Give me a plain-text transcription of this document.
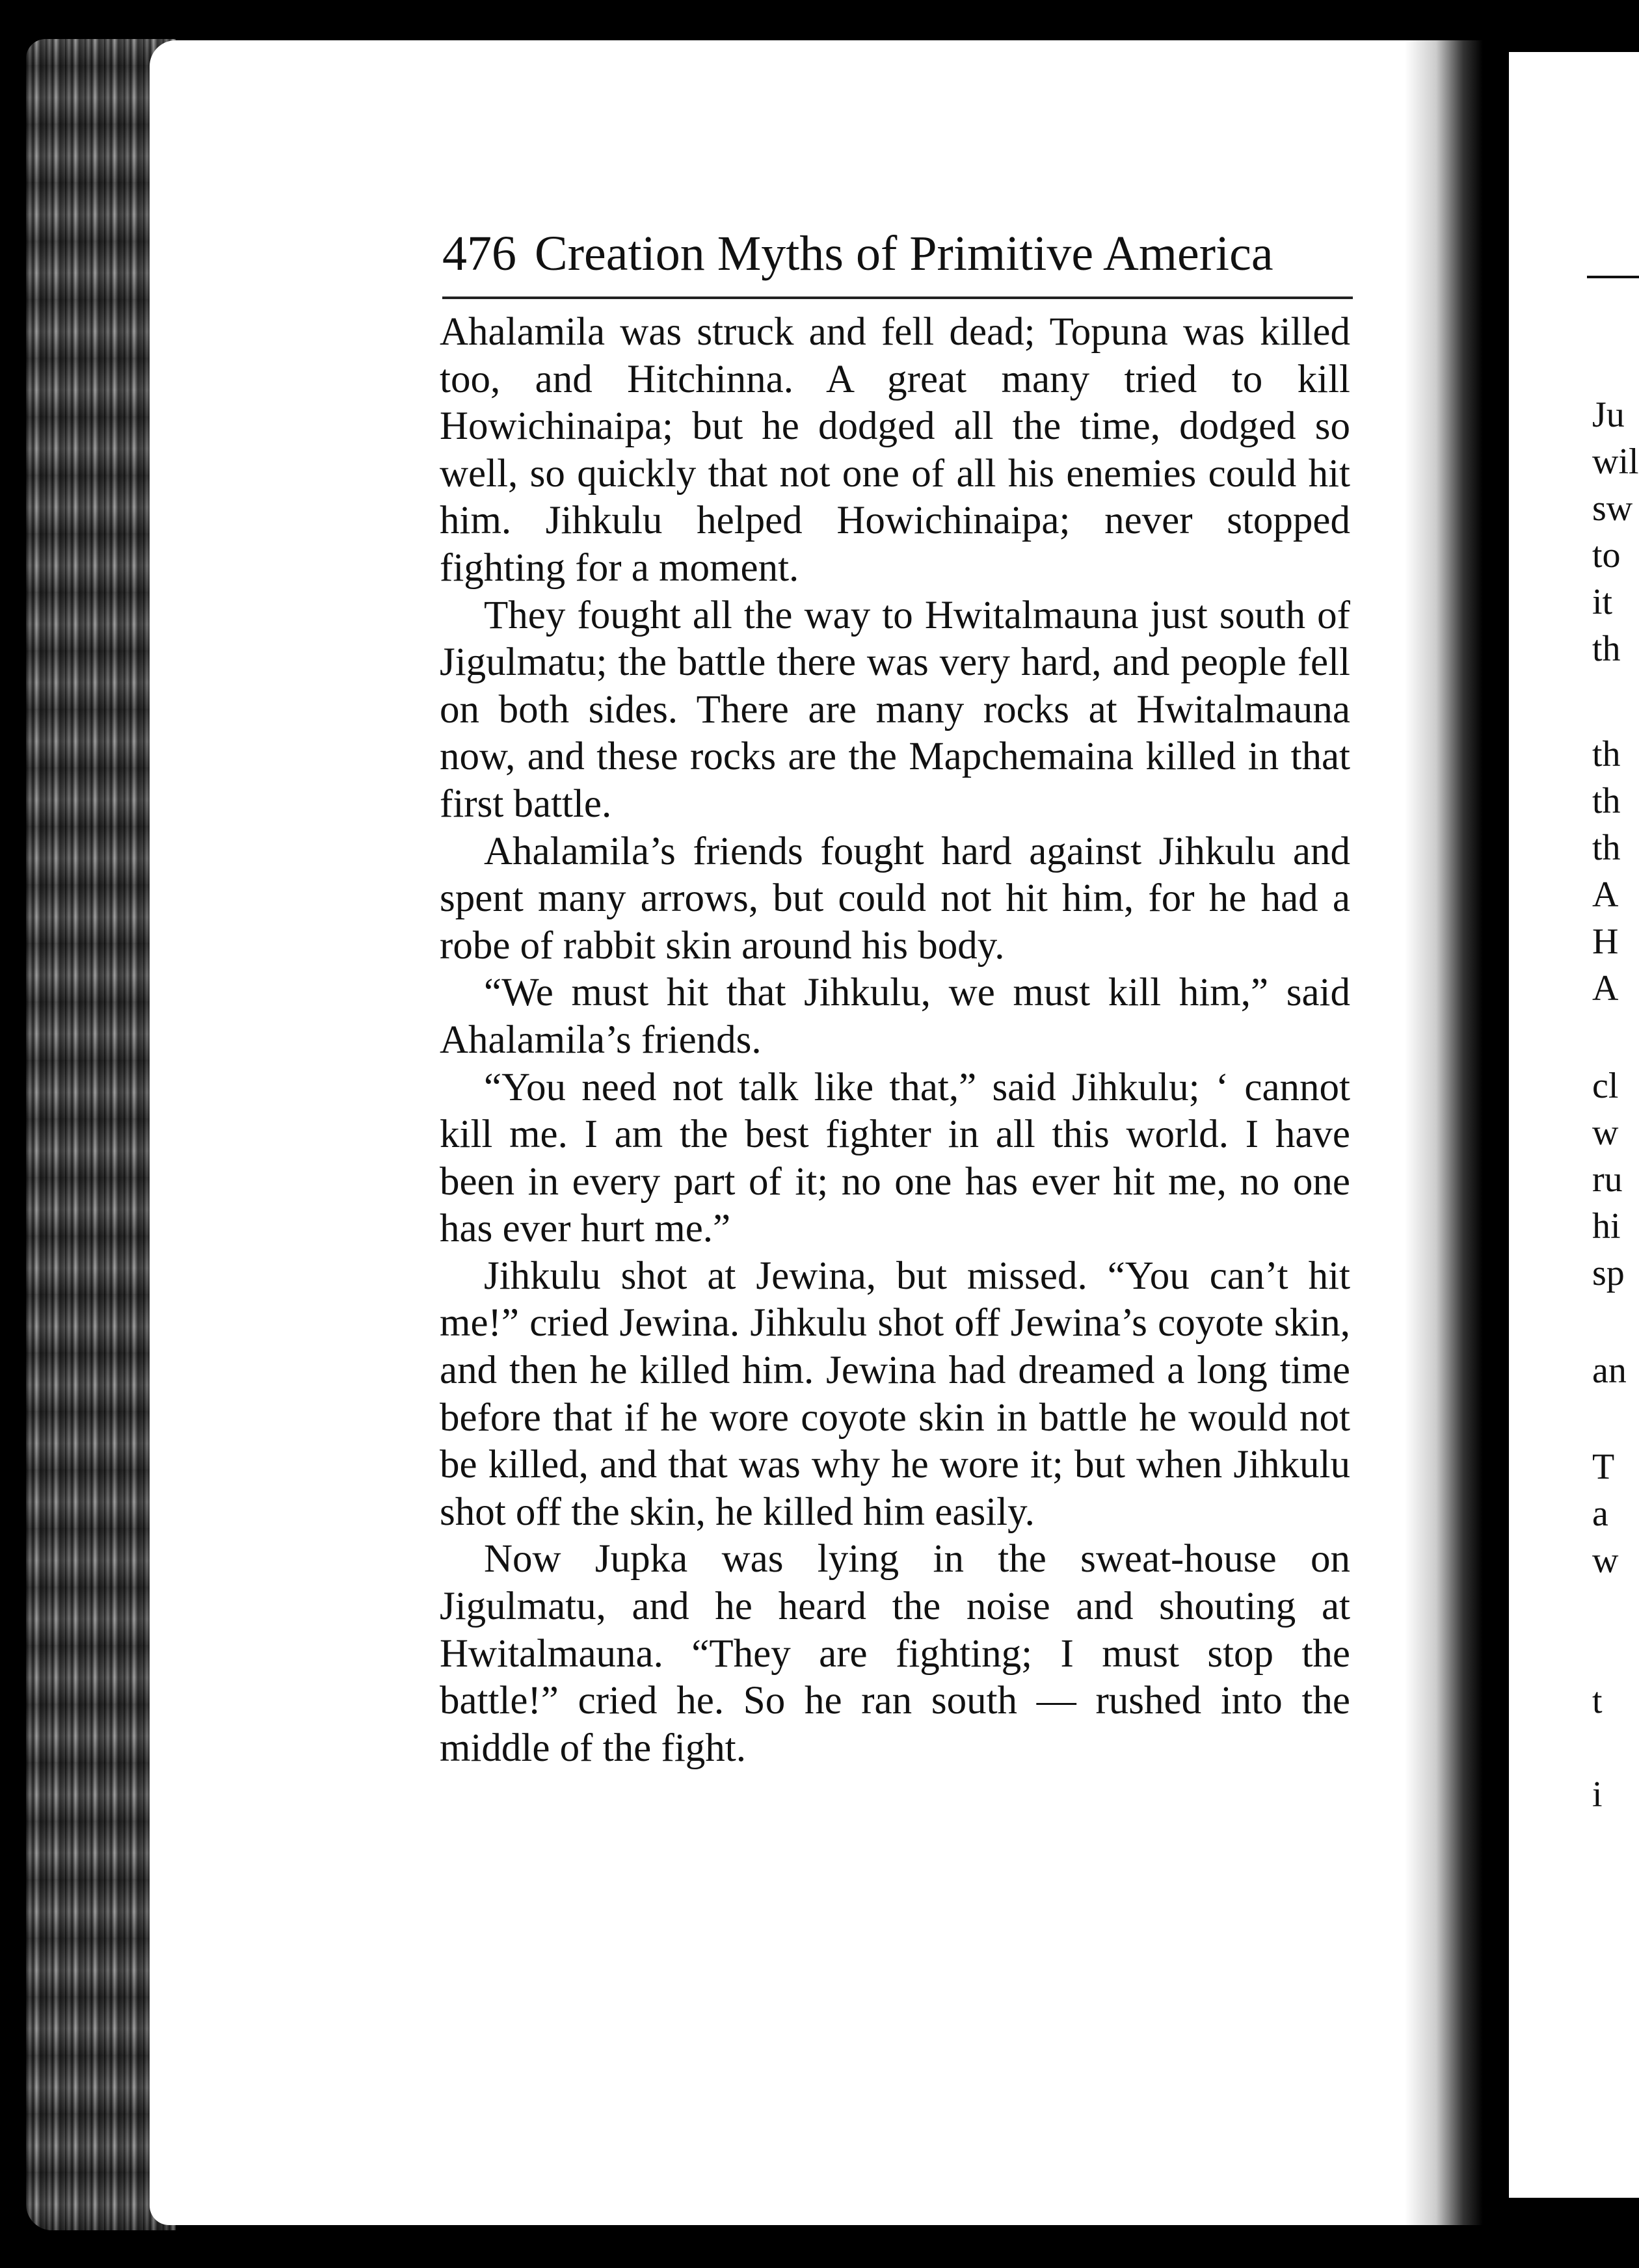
476 Creation Myths of Primitive America

Ahalamila was struck and fell dead; Topuna was killed too, and Hitchinna. A great many tried to kill Howichinaipa; but he dodged all the time, dodged so well, so quickly that not one of all his enemies could hit him. Jihkulu helped Howichinaipa; never stopped fighting for a moment.

They fought all the way to Hwitalmauna just south of Jigulmatu; the battle there was very hard, and people fell on both sides. There are many rocks at Hwitalmauna now, and these rocks are the Mapchemaina killed in that first battle.

Ahalamila’s friends fought hard against Jihkulu and spent many arrows, but could not hit him, for he had a robe of rabbit skin around his body.

“We must hit that Jihkulu, we must kill him,” said Ahalamila’s friends.

“You need not talk like that,” said Jihkulu; ‘ cannot kill me. I am the best fighter in all this world. I have been in every part of it; no one has ever hit me, no one has ever hurt me.”

Jihkulu shot at Jewina, but missed. “You can’t hit me!” cried Jewina. Jihkulu shot off Jewina’s coyote skin, and then he killed him. Jewina had dreamed a long time before that if he wore coyote skin in battle he would not be killed, and that was why he wore it; but when Jihkulu shot off the skin, he killed him easily.

Now Jupka was lying in the sweat-house on Jigulmatu, and he heard the noise and shouting at Hwitalmauna. “They are fighting; I must stop the battle!” cried he. So he ran south — rushed into the middle of the fight.

Ju
wil
sw
to
it
th
th
th
th
A
H
A
cl
w
ru
hi
sp
an
T
a
w
t
i
